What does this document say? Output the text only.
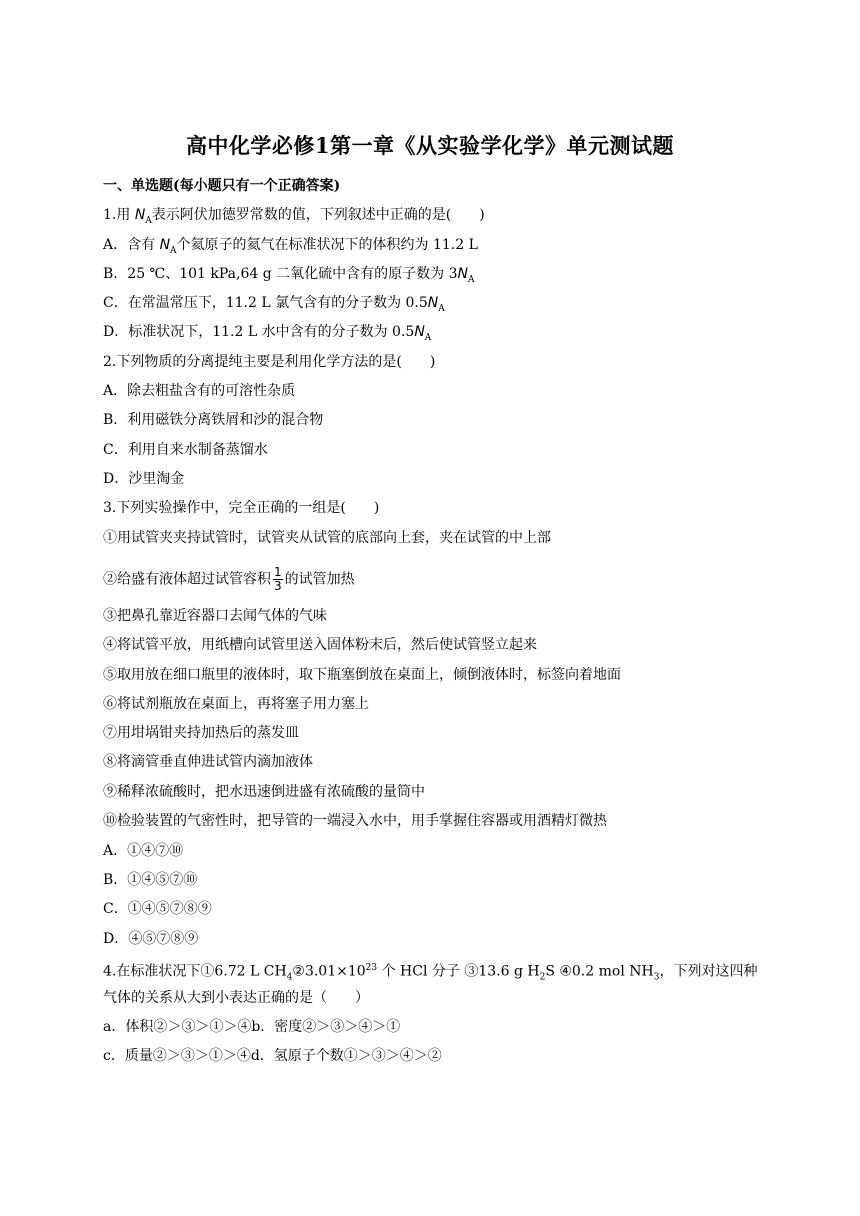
高中化学必修1第一章《从实验学化学》单元测试题
一、单选题(每小题只有一个正确答案)
1.用 $N_A$表示阿伏加德罗常数的值，下列叙述中正确的是(　　)
A．含有 $N_A$个氦原子的氦气在标准状况下的体积约为 11.2 L
B．25 ℃、101 kPa,64 g 二氧化硫中含有的原子数为 $3N_A$
C．在常温常压下，11.2 L 氯气含有的分子数为 $0.5N_A$
D．标准状况下，11.2 L 水中含有的分子数为 $0.5N_A$
2.下列物质的分离提纯主要是利用化学方法的是(　　)
A．除去粗盐含有的可溶性杂质
B．利用磁铁分离铁屑和沙的混合物
C．利用自来水制备蒸馏水
D．沙里淘金
3.下列实验操作中，完全正确的一组是(　　)
①用试管夹夹持试管时，试管夹从试管的底部向上套，夹在试管的中上部
②给盛有液体超过试管容积 $\frac{1}{3}$ 的试管加热
③把鼻孔靠近容器口去闻气体的气味
④将试管平放，用纸槽向试管里送入固体粉末后，然后使试管竖立起来
⑤取用放在细口瓶里的液体时，取下瓶塞倒放在桌面上，倾倒液体时，标签向着地面
⑥将试剂瓶放在桌面上，再将塞子用力塞上
⑦用坩埚钳夹持加热后的蒸发皿
⑧将滴管垂直伸进试管内滴加液体
⑨稀释浓硫酸时，把水迅速倒进盛有浓硫酸的量筒中
⑩检验装置的气密性时，把导管的一端浸入水中，用手掌握住容器或用酒精灯微热
A．①④⑦⑩
B．①④⑤⑦⑩
C．①④⑤⑦⑧⑨
D．④⑤⑦⑧⑨
4.在标准状况下①6.72 L $CH_4②3.01\times 10^{23}$ 个 HCl 分子 ③13.6 g $H_2S$ ④0.2 mol $NH_3$，下列对这四种
气体的关系从大到小表达正确的是（　　）
a．体积②＞③＞①＞④b．密度②＞③＞④＞①
c．质量②＞③＞①＞④d．氢原子个数①＞③＞④＞②
